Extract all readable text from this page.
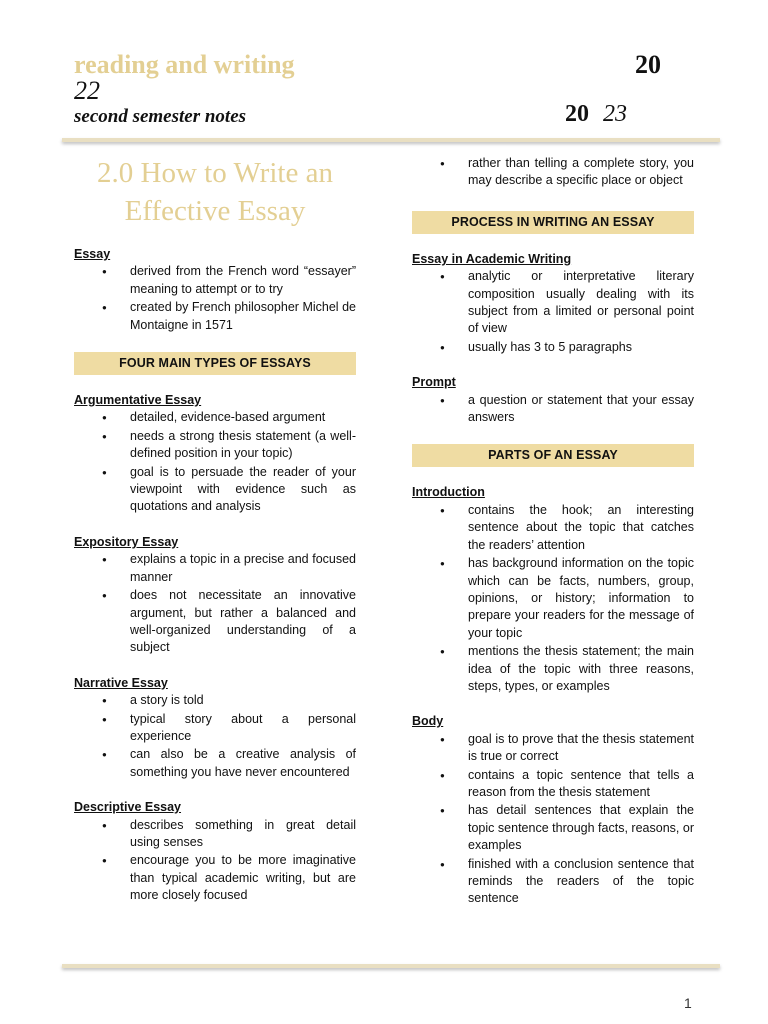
reading and writing	20
22
second semester notes	20 23
2.0 How to Write an Effective Essay

Essay

● derived from the French word “essayer” meaning to attempt or to try
● created by French philosopher Michel de Montaigne in 1571
FOUR MAIN TYPES OF ESSAYS

Argumentative Essay

● detailed, evidence-based argument
● needs a strong thesis statement (a well-defined position in your topic)
● goal is to persuade the reader of your viewpoint with evidence such as quotations and analysis

Expository Essay

● explains a topic in a precise and focused manner
● does not necessitate an innovative argument, but rather a balanced and well-organized understanding of a subject

Narrative Essay

● a story is told
● typical story about a personal experience
● can also be a creative analysis of something you have never encountered

Descriptive Essay

● describes something in great detail using senses
● encourage you to be more imaginative than typical academic writing, but are more closely focused
● rather than telling a complete story, you may describe a specific place or object
PROCESS IN WRITING AN ESSAY

Essay in Academic Writing

● analytic or interpretative literary composition usually dealing with its subject from a limited or personal point of view
● usually has 3 to 5 paragraphs

Prompt

● a question or statement that your essay answers
PARTS OF AN ESSAY

Introduction

● contains the hook; an interesting sentence about the topic that catches the readers’ attention
● has background information on the topic which can be facts, numbers, group, opinions, or history; information to prepare your readers for the message of your topic
● mentions the thesis statement; the main idea of the topic with three reasons, steps, types, or examples

Body

● goal is to prove that the thesis statement is true or correct
● contains a topic sentence that tells a reason from the thesis statement
● has detail sentences that explain the topic sentence through facts, reasons, or examples
● finished with a conclusion sentence that reminds the readers of the topic sentence
1
